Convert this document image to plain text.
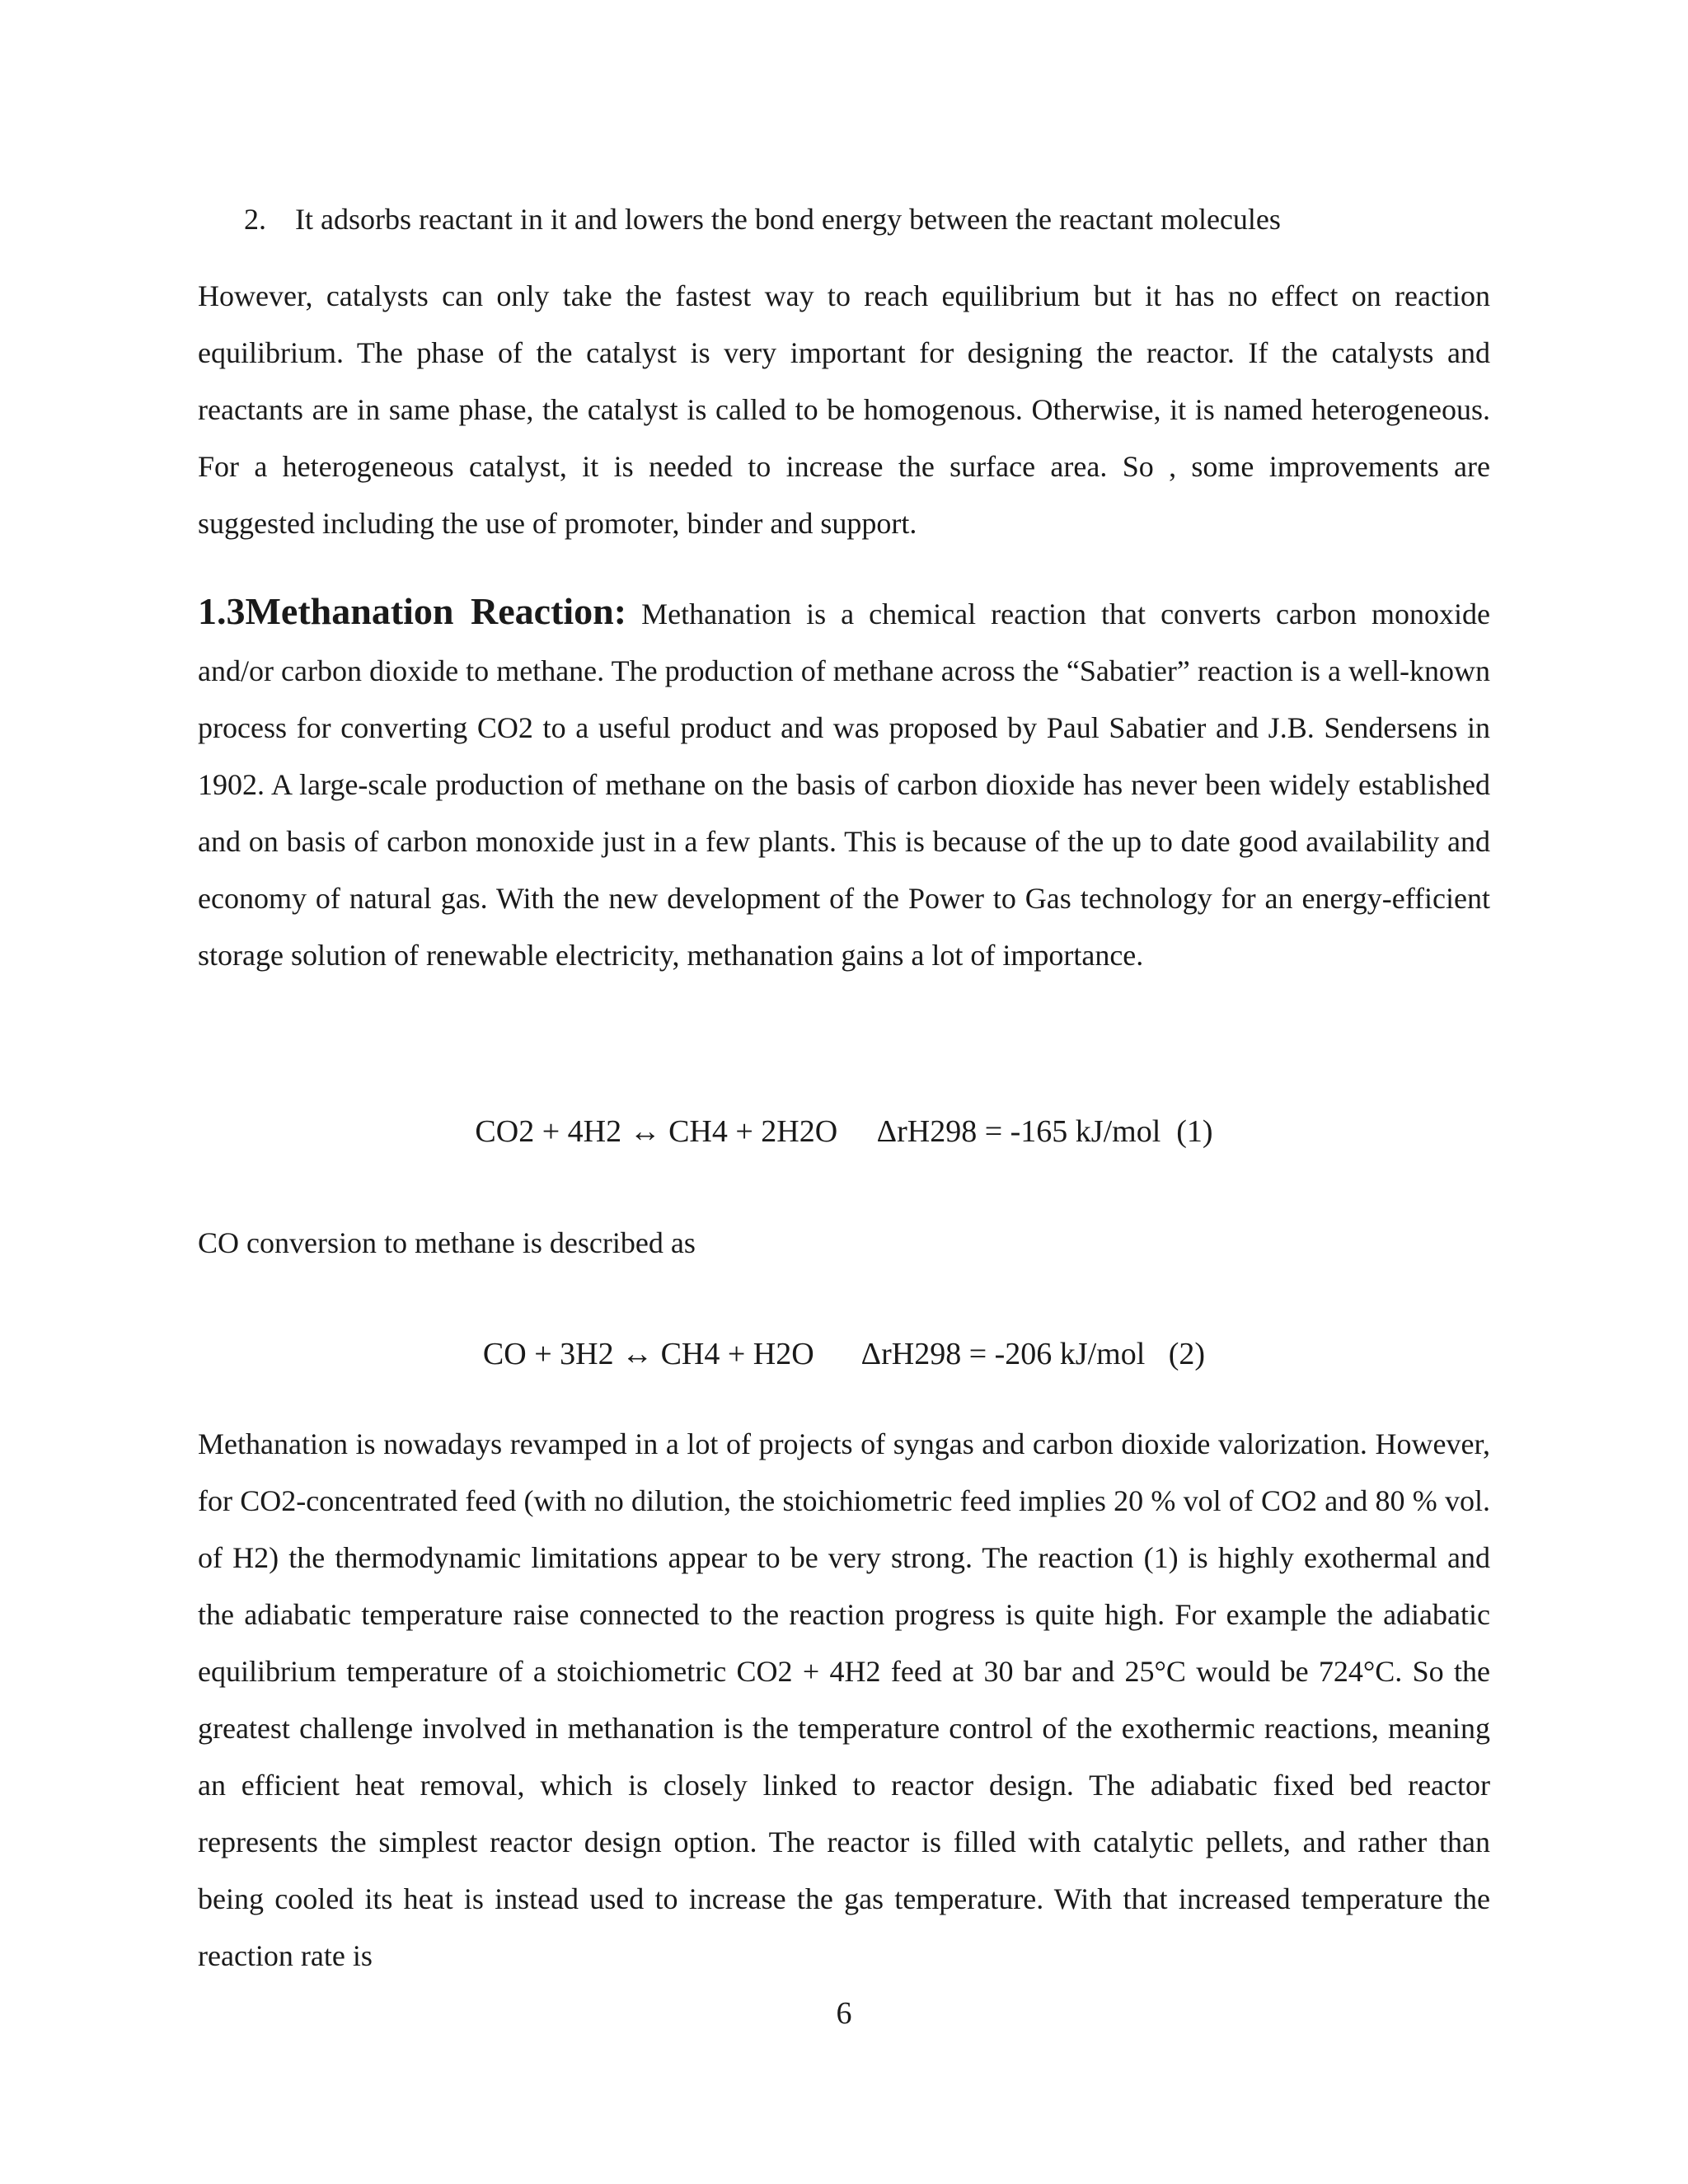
2. It adsorbs reactant in it and lowers the bond energy between the reactant molecules

However, catalysts can only take the fastest way to reach equilibrium but it has no effect on reaction equilibrium. The phase of the catalyst is very important for designing the reactor. If the catalysts and reactants are in same phase, the catalyst is called to be homogenous. Otherwise, it is named heterogeneous. For a heterogeneous catalyst, it is needed to increase the surface area. So , some improvements are suggested including the use of promoter, binder and support.

1.3Methanation Reaction: Methanation is a chemical reaction that converts carbon monoxide and/or carbon dioxide to methane. The production of methane across the “Sabatier” reaction is a well-known process for converting CO2 to a useful product and was proposed by Paul Sabatier and J.B. Sendersens in 1902. A large-scale production of methane on the basis of carbon dioxide has never been widely established and on basis of carbon monoxide just in a few plants. This is because of the up to date good availability and economy of natural gas. With the new development of the Power to Gas technology for an energy-efficient storage solution of renewable electricity, methanation gains a lot of importance.

CO2 + 4H2 ↔ CH4 + 2H2O     ΔrH298 = -165 kJ/mol  (1)
CO conversion to methane is described as
CO + 3H2 ↔ CH4 + H2O      ΔrH298 = -206 kJ/mol   (2)

Methanation is nowadays revamped in a lot of projects of syngas and carbon dioxide valorization. However, for CO2-concentrated feed (with no dilution, the stoichiometric feed implies 20 % vol of CO2 and 80 % vol. of H2) the thermodynamic limitations appear to be very strong. The reaction (1) is highly exothermal and the adiabatic temperature raise connected to the reaction progress is quite high. For example the adiabatic equilibrium temperature of a stoichiometric CO2 + 4H2 feed at 30 bar and 25°C would be 724°C. So the greatest challenge involved in methanation is the temperature control of the exothermic reactions, meaning an efficient heat removal, which is closely linked to reactor design. The adiabatic fixed bed reactor represents the simplest reactor design option. The reactor is filled with catalytic pellets, and rather than being cooled its heat is instead used to increase the gas temperature. With that increased temperature the reaction rate is

6
